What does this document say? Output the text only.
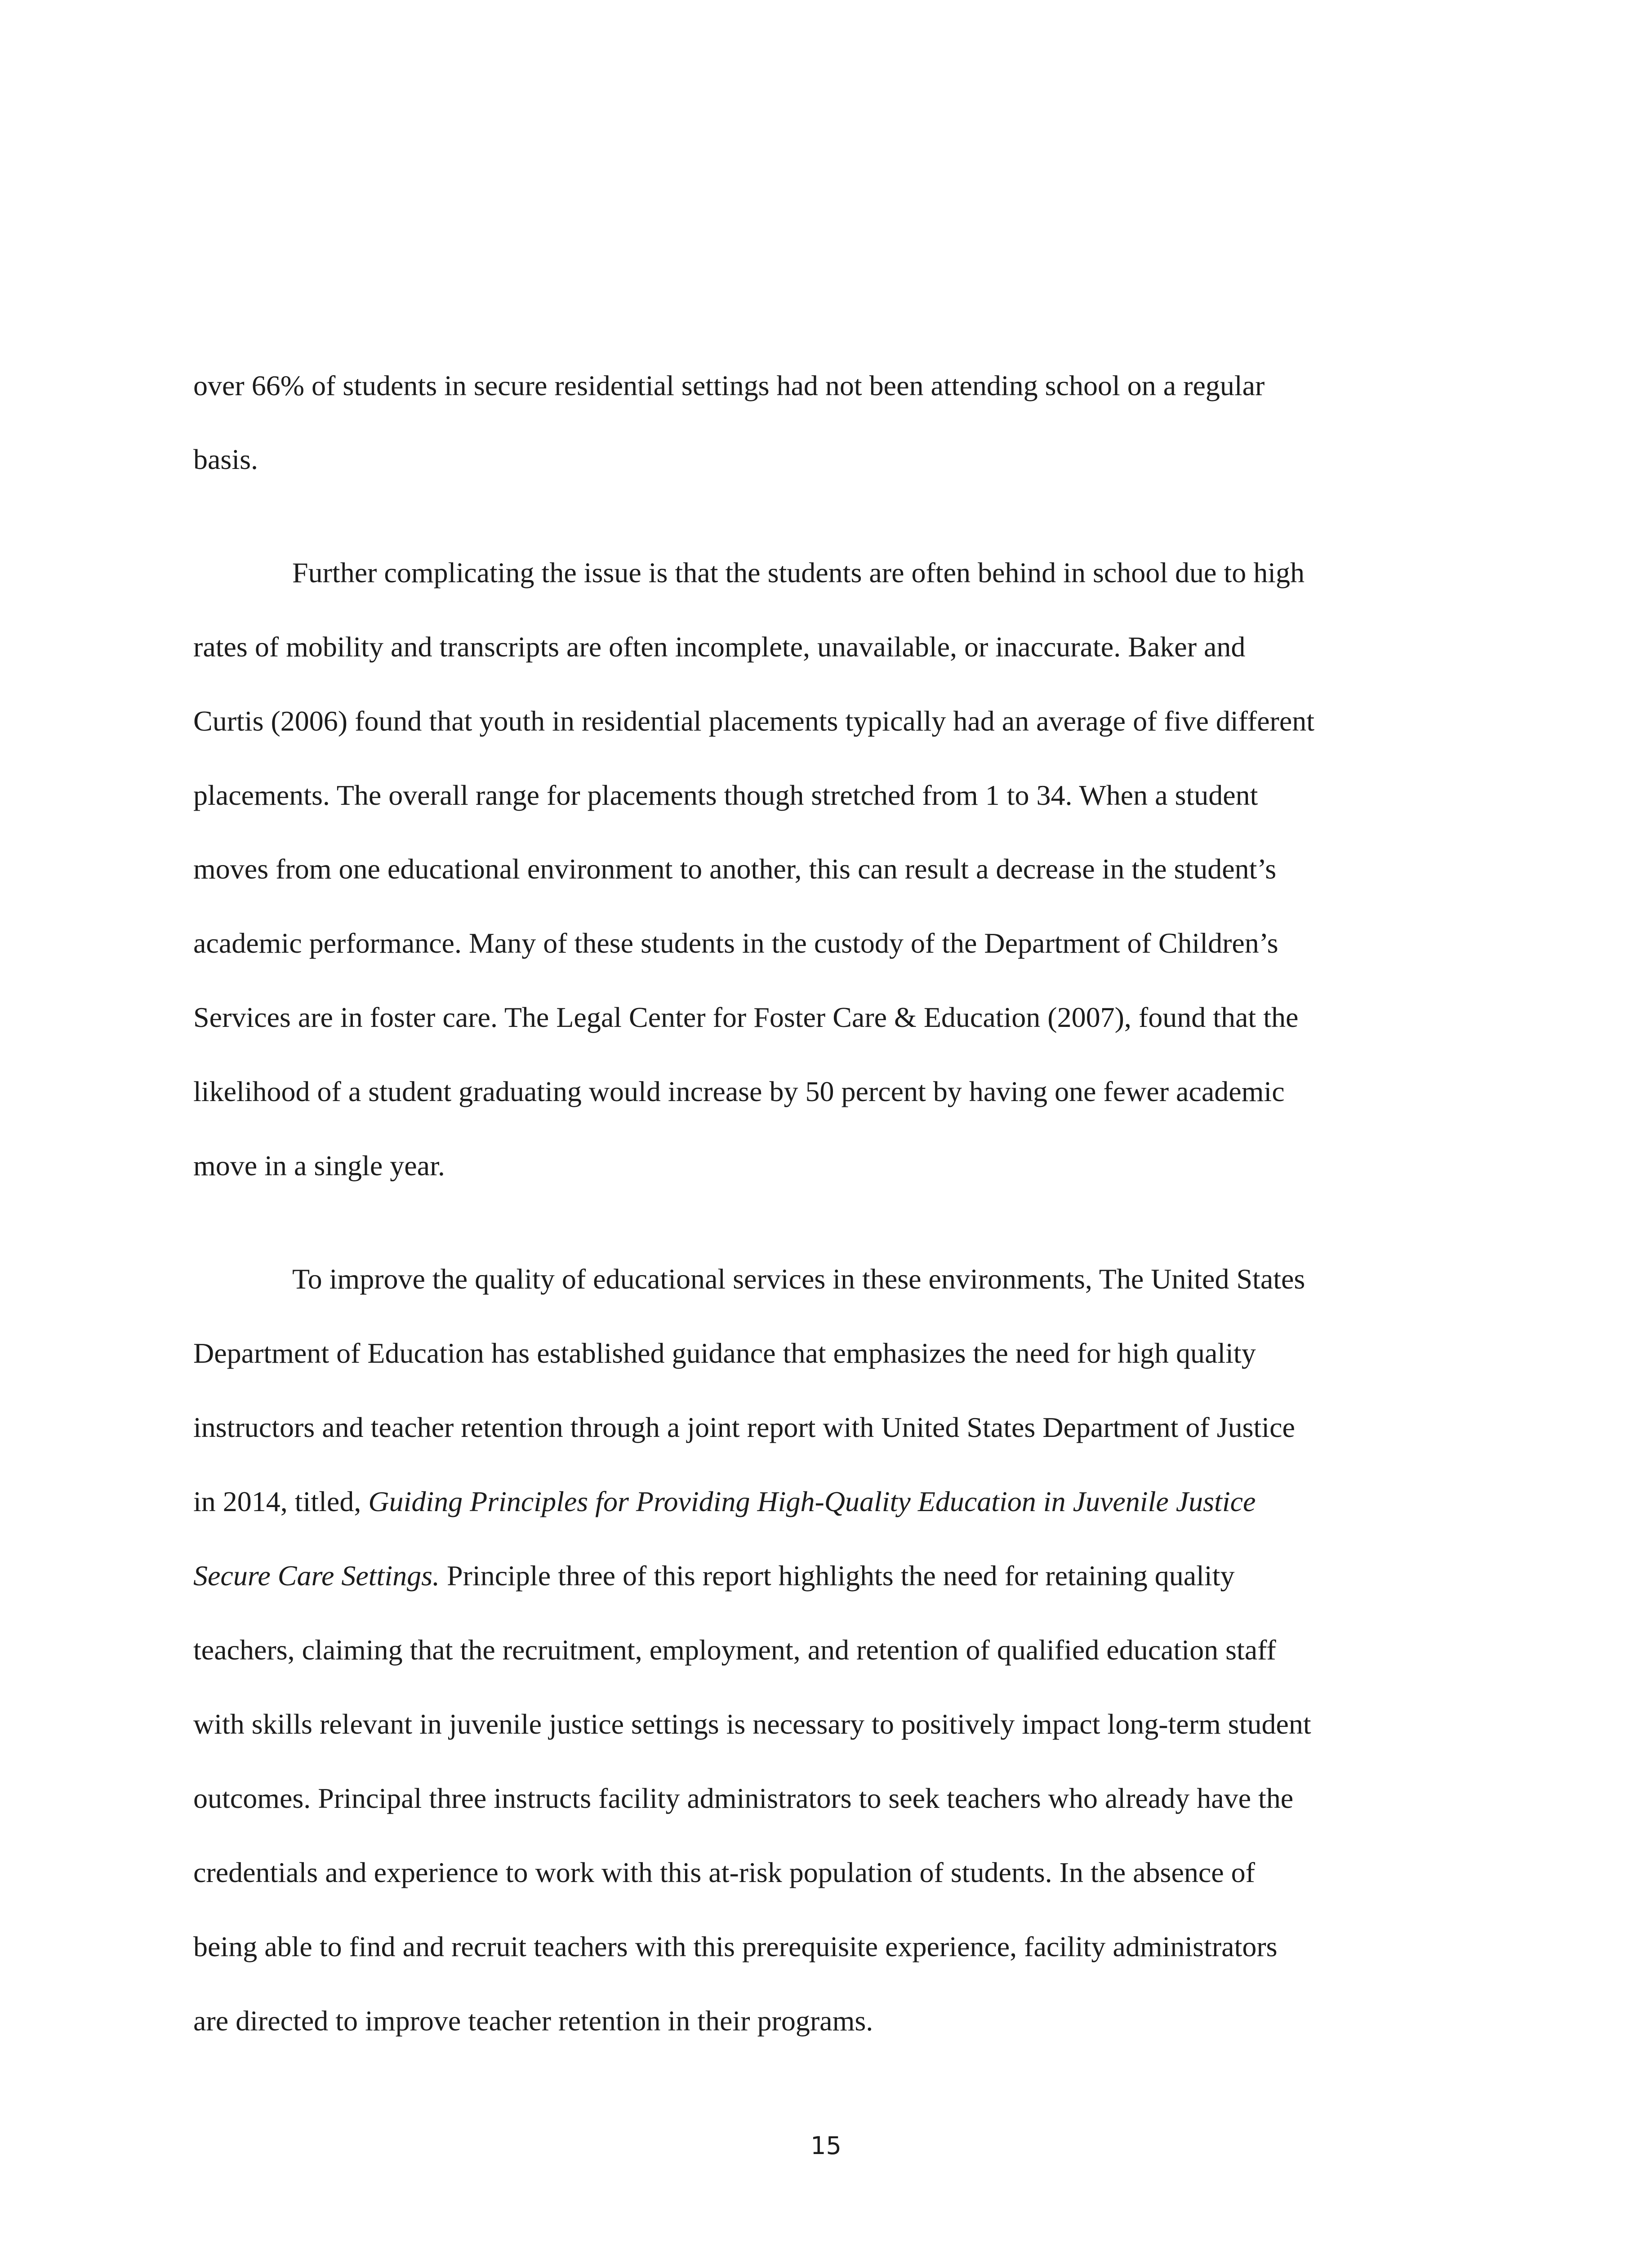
over 66% of students in secure residential settings had not been attending school on a regular
basis.
Further complicating the issue is that the students are often behind in school due to high
rates of mobility and transcripts are often incomplete, unavailable, or inaccurate. Baker and
Curtis (2006) found that youth in residential placements typically had an average of five different
placements. The overall range for placements though stretched from 1 to 34. When a student
moves from one educational environment to another, this can result a decrease in the student’s
academic performance. Many of these students in the custody of the Department of Children’s
Services are in foster care. The Legal Center for Foster Care & Education (2007), found that the
likelihood of a student graduating would increase by 50 percent by having one fewer academic
move in a single year.
To improve the quality of educational services in these environments, The United States
Department of Education has established guidance that emphasizes the need for high quality
instructors and teacher retention through a joint report with United States Department of Justice
in 2014, titled, Guiding Principles for Providing High-Quality Education in Juvenile Justice
Secure Care Settings. Principle three of this report highlights the need for retaining quality
teachers, claiming that the recruitment, employment, and retention of qualified education staff
with skills relevant in juvenile justice settings is necessary to positively impact long-term student
outcomes. Principal three instructs facility administrators to seek teachers who already have the
credentials and experience to work with this at-risk population of students. In the absence of
being able to find and recruit teachers with this prerequisite experience, facility administrators
are directed to improve teacher retention in their programs.
15
